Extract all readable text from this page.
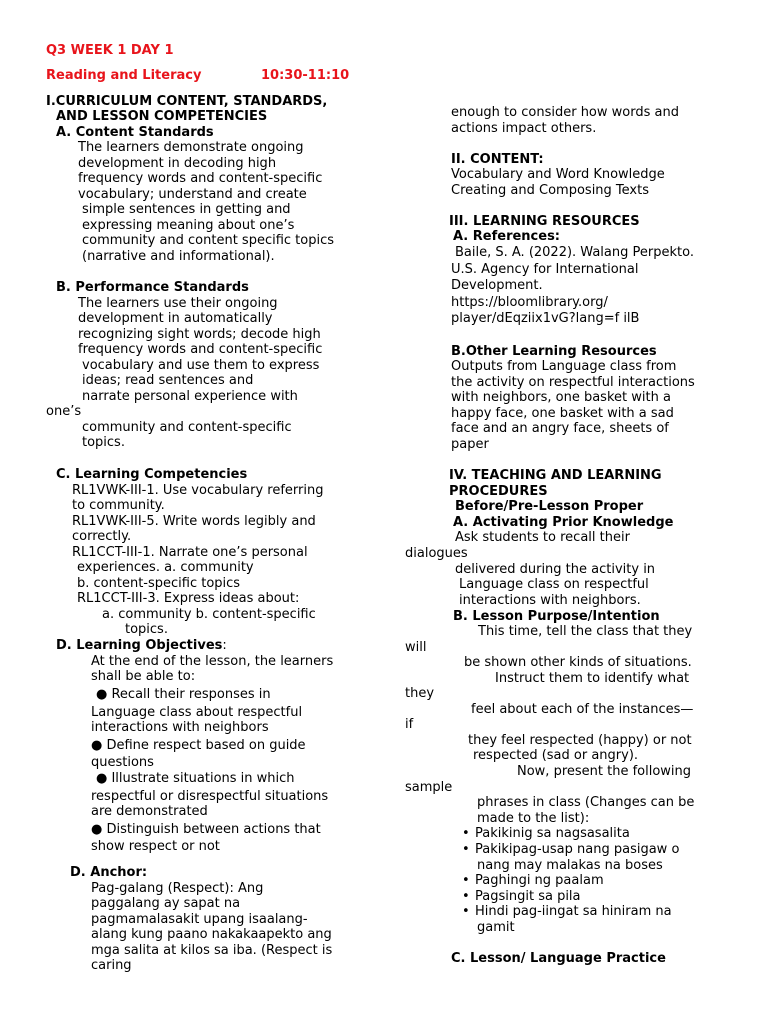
Q3 WEEK 1 DAY 1
Reading and Literacy	10:30-11:10
I.CURRICULUM CONTENT, STANDARDS,
AND LESSON COMPETENCIES
A. Content Standards
The learners demonstrate ongoing
development in decoding high
frequency words and content-specific
vocabulary; understand and create
simple sentences in getting and
expressing meaning about one’s
community and content specific topics
(narrative and informational).
B. Performance Standards
The learners use their ongoing
development in automatically
recognizing sight words; decode high
frequency words and content-specific
vocabulary and use them to express
ideas; read sentences and
narrate personal experience with
one’s
community and content-specific
topics.
C. Learning Competencies
RL1VWK-III-1. Use vocabulary referring
to community.
RL1VWK-III-5. Write words legibly and
correctly.
RL1CCT-III-1. Narrate one’s personal
experiences. a. community
b. content-specific topics
RL1CCT-III-3. Express ideas about:
a. community b. content-specific
topics.
D. Learning Objectives:
At the end of the lesson, the learners
shall be able to:
● Recall their responses in
Language class about respectful
interactions with neighbors
● Define respect based on guide
questions
● Illustrate situations in which
respectful or disrespectful situations
are demonstrated
● Distinguish between actions that
show respect or not
D. Anchor:
Pag-galang (Respect): Ang
paggalang ay sapat na
pagmamalasakit upang isaalang-
alang kung paano nakakaapekto ang
mga salita at kilos sa iba. (Respect is
caring
enough to consider how words and
actions impact others.
II. CONTENT:
Vocabulary and Word Knowledge
Creating and Composing Texts
III. LEARNING RESOURCES
A. References:
Baile, S. A. (2022). Walang Perpekto.
U.S. Agency for International
Development.
https://bloomlibrary.org/
player/dEqziix1vG?lang=f ilB
B.Other Learning Resources
Outputs from Language class from
the activity on respectful interactions
with neighbors, one basket with a
happy face, one basket with a sad
face and an angry face, sheets of
paper
IV. TEACHING AND LEARNING
PROCEDURES
Before/Pre-Lesson Proper
A. Activating Prior Knowledge
Ask students to recall their
dialogues
delivered during the activity in
Language class on respectful
interactions with neighbors.
B. Lesson Purpose/Intention
This time, tell the class that they
will
be shown other kinds of situations.
Instruct them to identify what
they
feel about each of the instances—
if
they feel respected (happy) or not
respected (sad or angry).
Now, present the following
sample
phrases in class (Changes can be
made to the list):
• Pakikinig sa nagsasalita
• Pakikipag-usap nang pasigaw o
nang may malakas na boses
• Paghingi ng paalam
• Pagsingit sa pila
• Hindi pag-iingat sa hiniram na
gamit
C. Lesson/ Language Practice
